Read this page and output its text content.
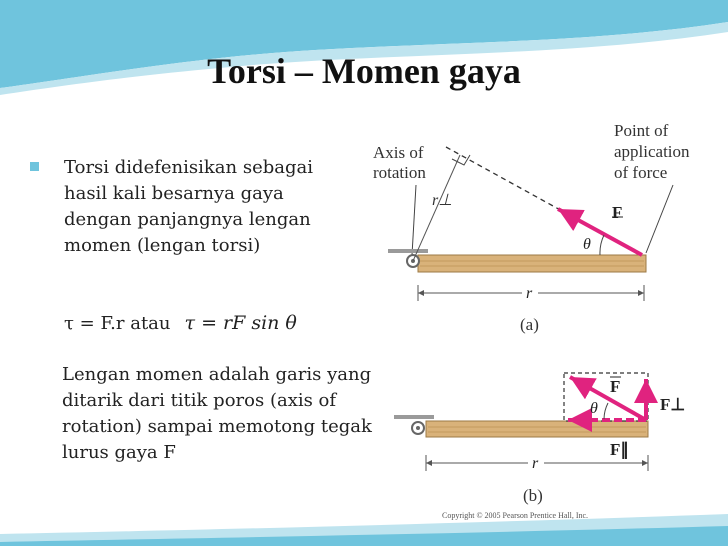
Torsi – Momen gaya
Torsi didefenisikan sebagai hasil kali besarnya gaya dengan panjangnya lengan momen (lengan torsi)
τ = F.r atau τ = rF sin θ
Lengan momen adalah garis yang ditarik dari titik poros (axis of rotation) sampai memotong tegak lurus gaya F
Axis of
rotation
Point of
application
of force
r⊥
F
θ
r
(a)
F
F⊥
F∥
θ
r
(b)
Copyright © 2005 Pearson Prentice Hall, Inc.
